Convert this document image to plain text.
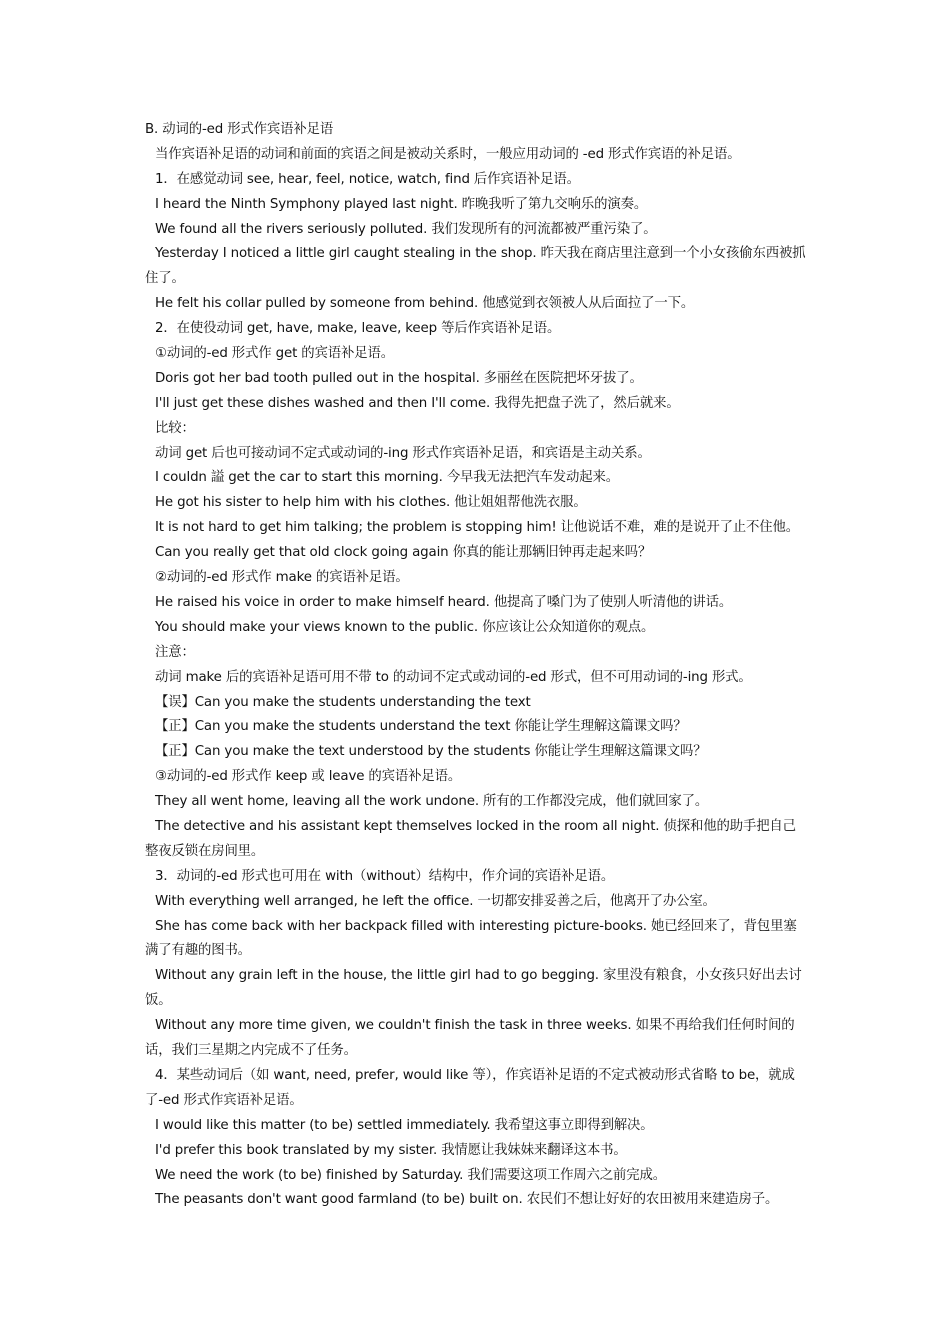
B. 动词的-ed 形式作宾语补足语
当作宾语补足语的动词和前面的宾语之间是被动关系时，一般应用动词的 -ed 形式作宾语的补足语。
1．在感觉动词 see, hear, feel, notice, watch, find 后作宾语补足语。
I heard the Ninth Symphony played last night. 昨晚我听了第九交响乐的演奏。
We found all the rivers seriously polluted. 我们发现所有的河流都被严重污染了。
Yesterday I noticed a little girl caught stealing in the shop. 昨天我在商店里注意到一个小女孩偷东西被抓住了。
He felt his collar pulled by someone from behind. 他感觉到衣领被人从后面拉了一下。
2．在使役动词 get, have, make, leave, keep 等后作宾语补足语。
①动词的-ed 形式作 get 的宾语补足语。
Doris got her bad tooth pulled out in the hospital. 多丽丝在医院把坏牙拔了。
I'll just get these dishes washed and then I'll come. 我得先把盘子洗了，然后就来。
比较：
动词 get 后也可接动词不定式或动词的-ing 形式作宾语补足语，和宾语是主动关系。
I couldn 謚 get the car to start this morning. 今早我无法把汽车发动起来。
He got his sister to help him with his clothes. 他让姐姐帮他洗衣服。
It is not hard to get him talking; the problem is stopping him! 让他说话不难，难的是说开了止不住他。
Can you really get that old clock going again 你真的能让那辆旧钟再走起来吗？
②动词的-ed 形式作 make 的宾语补足语。
He raised his voice in order to make himself heard. 他提高了嗓门为了使别人听清他的讲话。
You should make your views known to the public. 你应该让公众知道你的观点。
注意：
动词 make 后的宾语补足语可用不带 to 的动词不定式或动词的-ed 形式，但不可用动词的-ing 形式。
【误】Can you make the students understanding the text
【正】Can you make the students understand the text 你能让学生理解这篇课文吗？
【正】Can you make the text understood by the students 你能让学生理解这篇课文吗？
③动词的-ed 形式作 keep 或 leave 的宾语补足语。
They all went home, leaving all the work undone. 所有的工作都没完成，他们就回家了。
The detective and his assistant kept themselves locked in the room all night. 侦探和他的助手把自己整夜反锁在房间里。
3．动词的-ed 形式也可用在 with（without）结构中，作介词的宾语补足语。
With everything well arranged, he left the office. 一切都安排妥善之后，他离开了办公室。
She has come back with her backpack filled with interesting picture-books. 她已经回来了，背包里塞满了有趣的图书。
Without any grain left in the house, the little girl had to go begging. 家里没有粮食，小女孩只好出去讨饭。
Without any more time given, we couldn't finish the task in three weeks. 如果不再给我们任何时间的话，我们三星期之内完成不了任务。
4．某些动词后（如 want, need, prefer, would like 等），作宾语补足语的不定式被动形式省略 to be，就成了-ed 形式作宾语补足语。
I would like this matter (to be) settled immediately. 我希望这事立即得到解决。
I'd prefer this book translated by my sister. 我情愿让我妹妹来翻译这本书。
We need the work (to be) finished by Saturday. 我们需要这项工作周六之前完成。
The peasants don't want good farmland (to be) built on. 农民们不想让好好的农田被用来建造房子。
